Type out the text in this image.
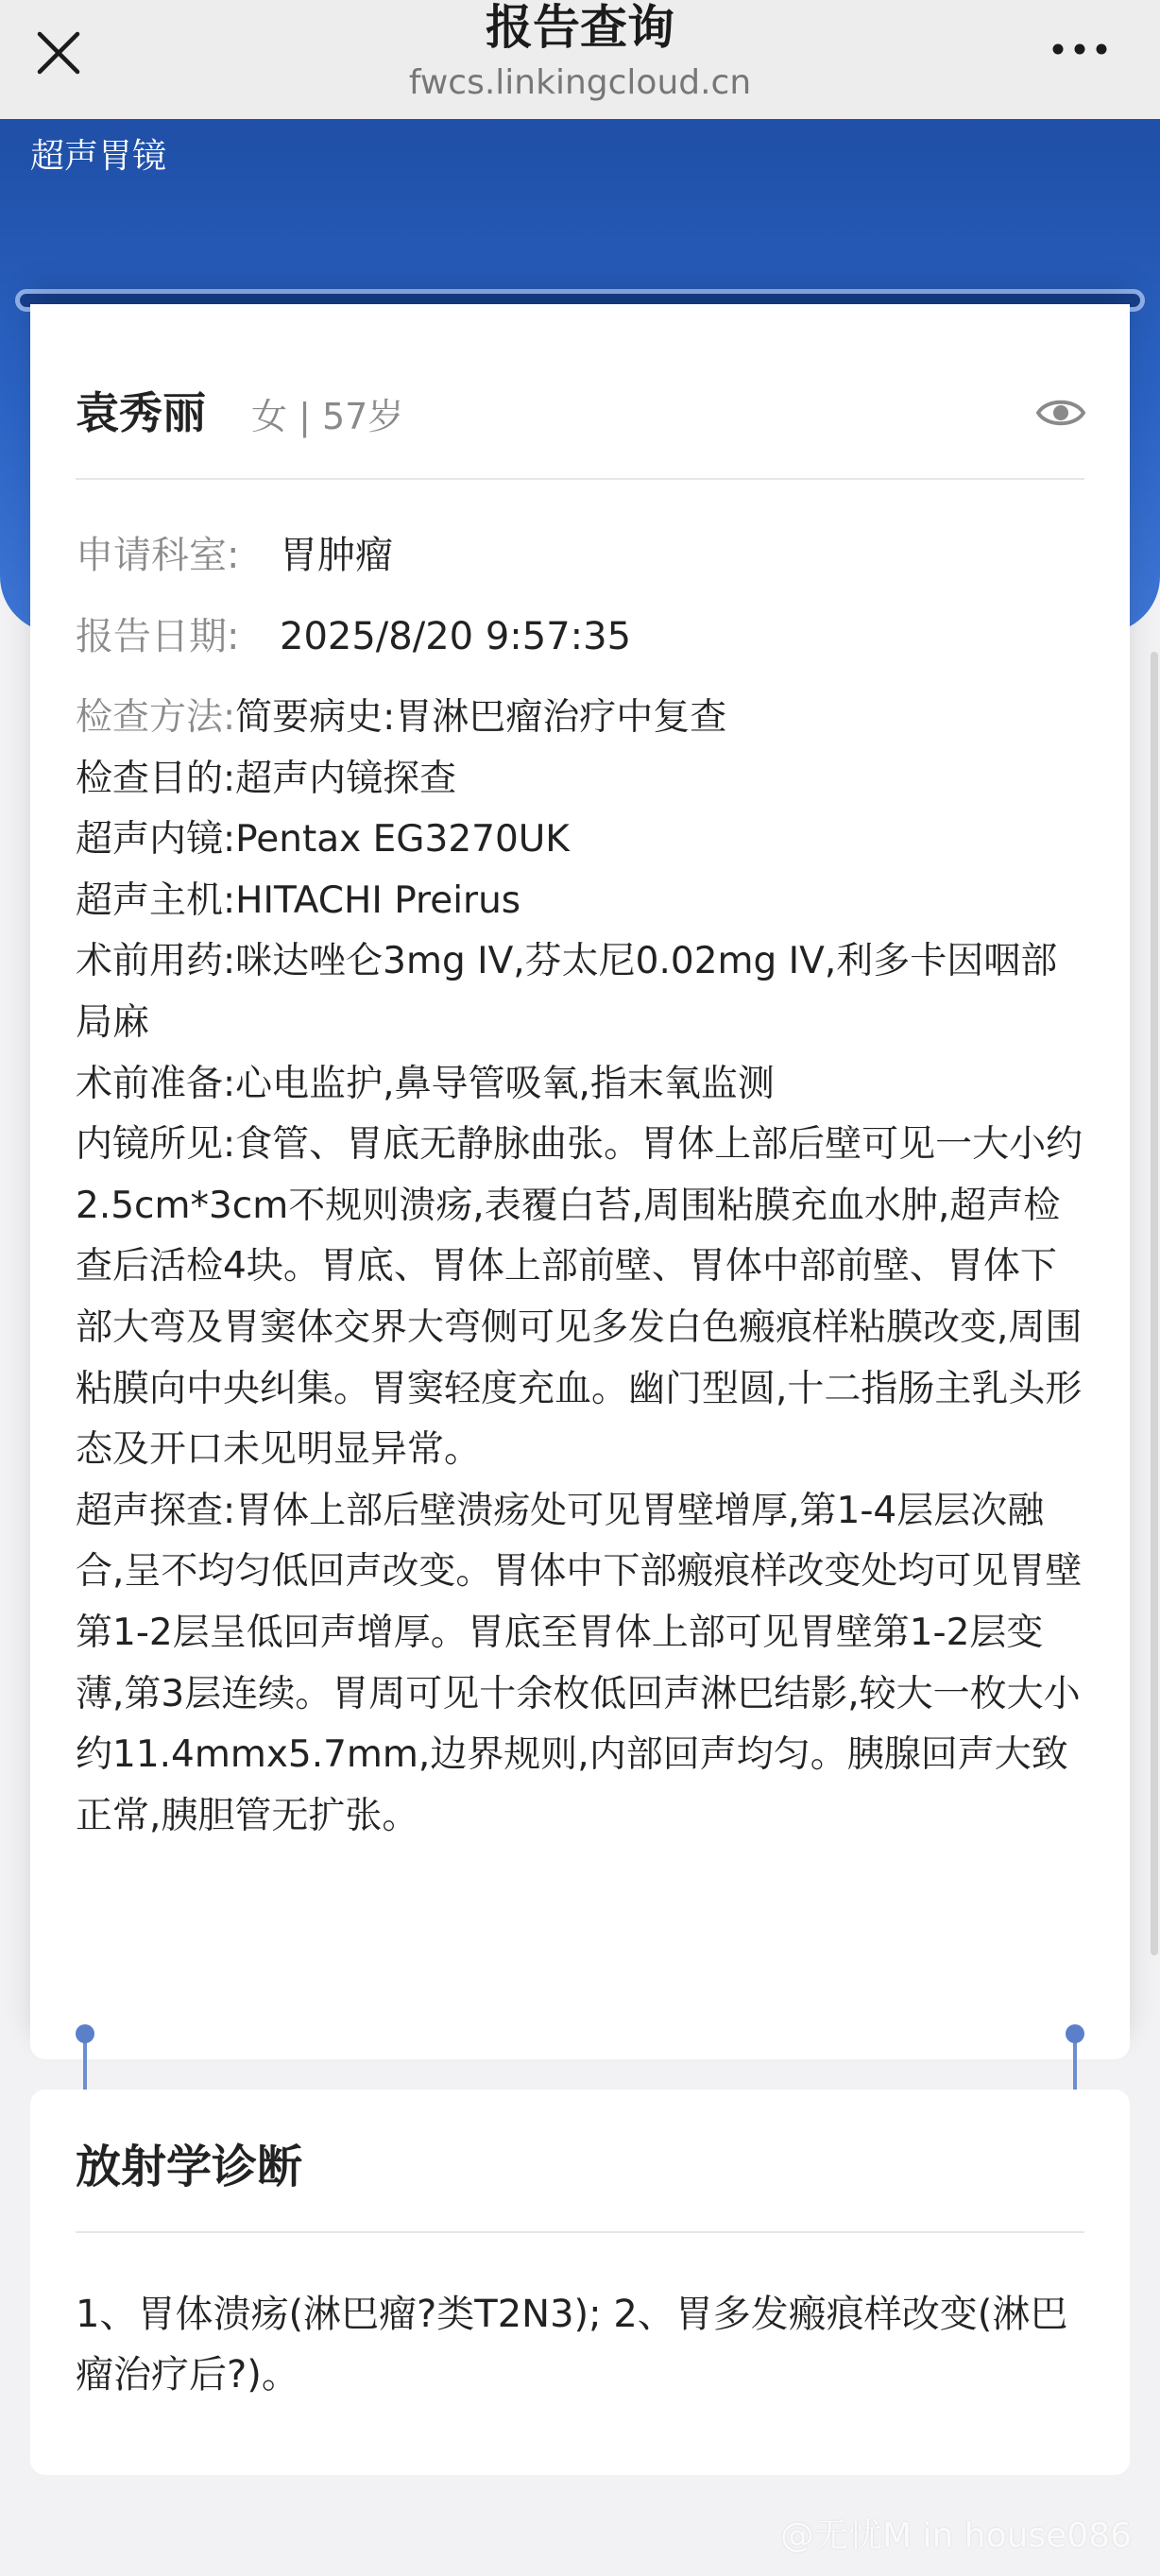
报告查询
fwcs.linkingcloud.cn
超声胃镜
袁秀丽 女 | 57岁
申请科室: 胃肿瘤
报告日期: 2025/8/20 9:57:35

检查方法:简要病史:胃淋巴瘤治疗中复查
检查目的:超声内镜探查
超声内镜:Pentax EG3270UK
超声主机:HITACHI Preirus
术前用药:咪达唑仑3mg IV,芬太尼0.02mg IV,利多卡因咽部局麻
术前准备:心电监护,鼻导管吸氧,指末氧监测
内镜所见:食管、胃底无静脉曲张。胃体上部后壁可见一大小约2.5cm*3cm不规则溃疡,表覆白苔,周围粘膜充血水肿,超声检查后活检4块。胃底、胃体上部前壁、胃体中部前壁、胃体下部大弯及胃窦体交界大弯侧可见多发白色瘢痕样粘膜改变,周围粘膜向中央纠集。胃窦轻度充血。幽门型圆,十二指肠主乳头形态及开口未见明显异常。
超声探查:胃体上部后壁溃疡处可见胃壁增厚,第1-4层层次融合,呈不均匀低回声改变。胃体中下部瘢痕样改变处均可见胃壁第1-2层呈低回声增厚。胃底至胃体上部可见胃壁第1-2层变薄,第3层连续。胃周可见十余枚低回声淋巴结影,较大一枚大小约11.4mmx5.7mm,边界规则,内部回声均匀。胰腺回声大致正常,胰胆管无扩张。

放射学诊断
1、胃体溃疡(淋巴瘤?类T2N3); 2、胃多发瘢痕样改变(淋巴瘤治疗后?)。
@无忧M in house086
